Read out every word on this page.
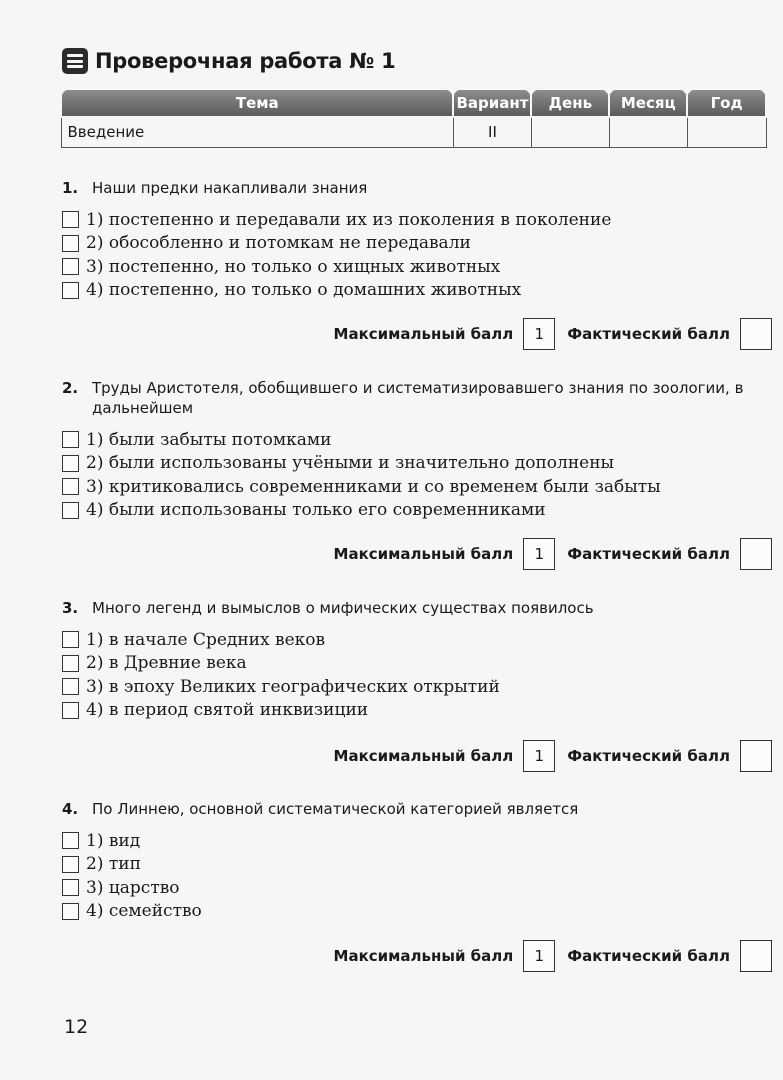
Проверочная работа № 1
Тема	Вариант	День	Месяц	Год
Введение	II			
1. Наши предки накапливали знания
1) постепенно и передавали их из поколения в поколение
2) обособленно и потомкам не передавали
3) постепенно, но только о хищных животных
4) постепенно, но только о домашних животных
Максимальный балл	1	Фактический балл
2. Труды Аристотеля, обобщившего и систематизировавшего знания по зоологии, в дальнейшем
1) были забыты потомками
2) были использованы учёными и значительно дополнены
3) критиковались современниками и со временем были забыты
4) были использованы только его современниками
Максимальный балл	1	Фактический балл
3. Много легенд и вымыслов о мифических существах появилось
1) в начале Средних веков
2) в Древние века
3) в эпоху Великих географических открытий
4) в период святой инквизиции
Максимальный балл	1	Фактический балл
4. По Линнею, основной систематической категорией является
1) вид
2) тип
3) царство
4) семейство
Максимальный балл	1	Фактический балл
12
